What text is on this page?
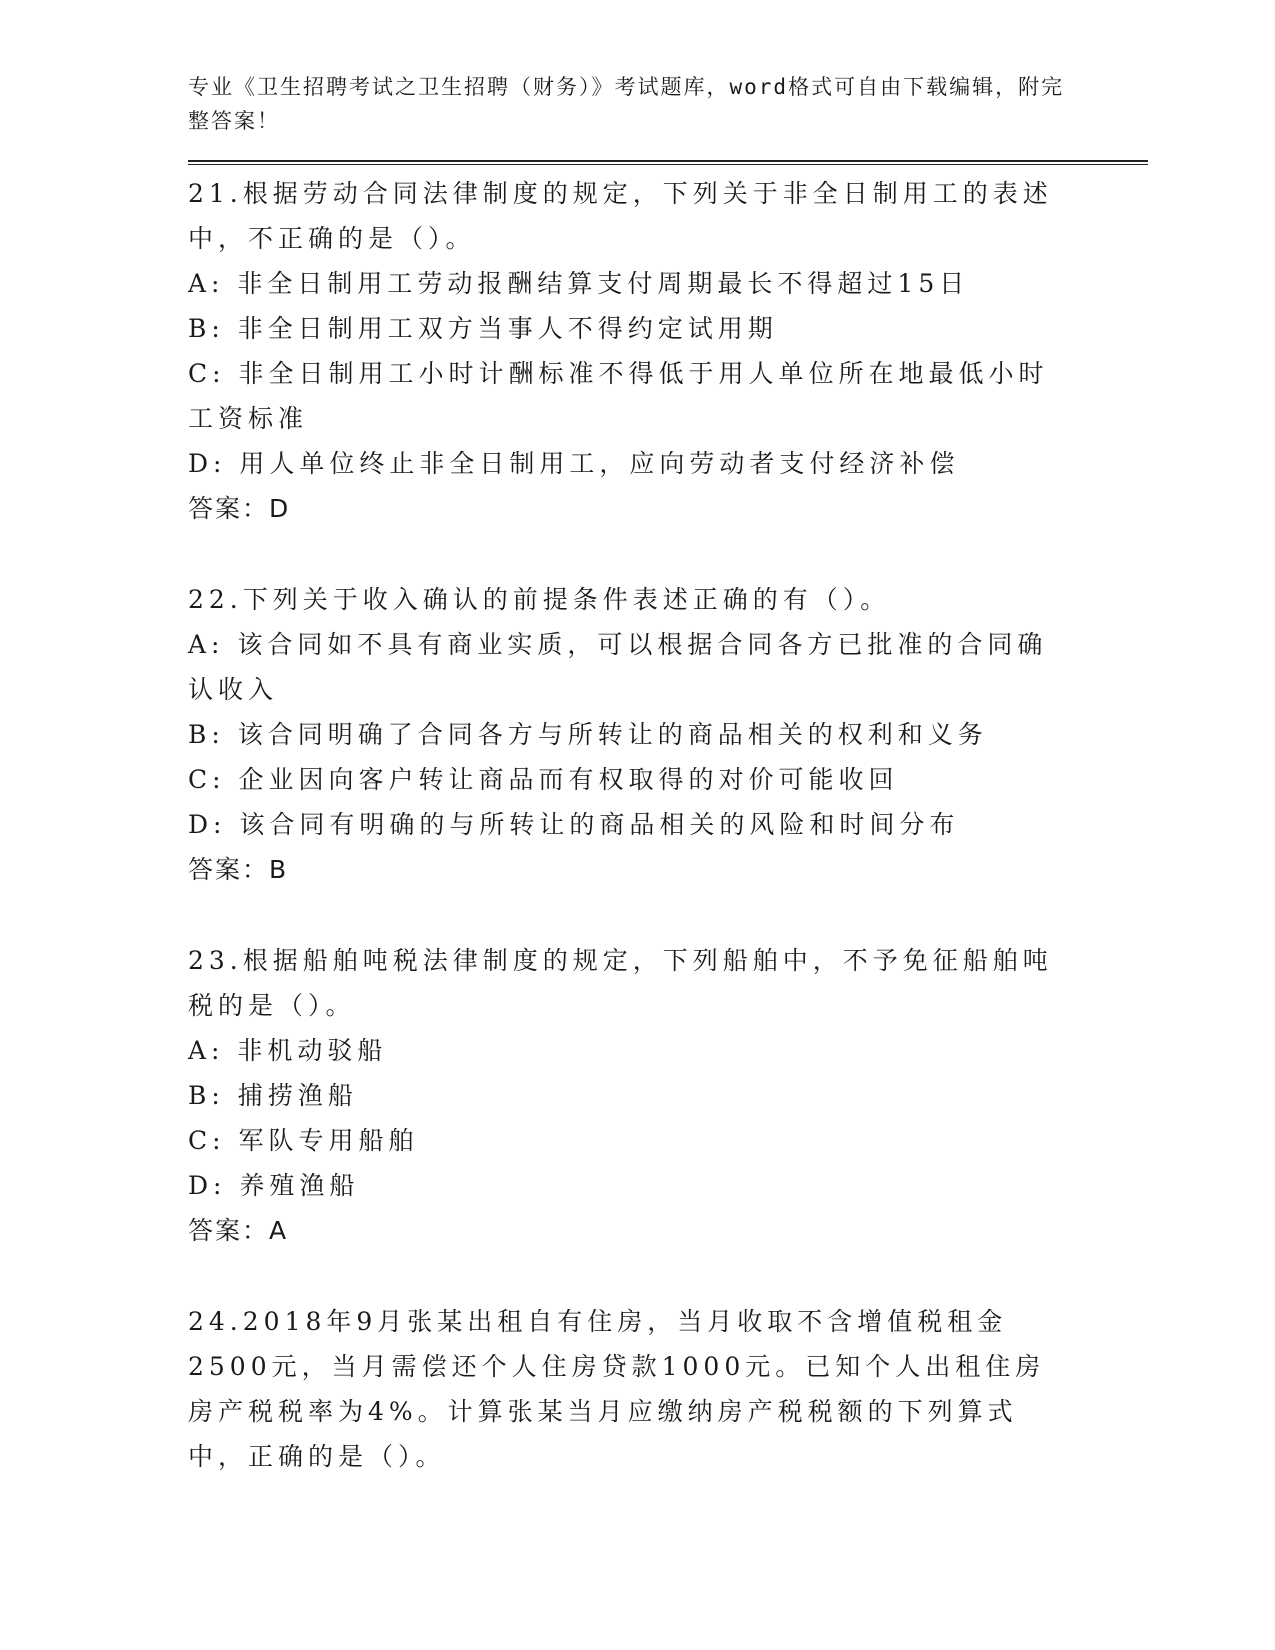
专业《卫生招聘考试之卫生招聘（财务）》考试题库，word格式可自由下载编辑，附完整答案！
21.根据劳动合同法律制度的规定，下列关于非全日制用工的表述中，不正确的是（）。
A: 非全日制用工劳动报酬结算支付周期最长不得超过15日
B: 非全日制用工双方当事人不得约定试用期
C: 非全日制用工小时计酬标准不得低于用人单位所在地最低小时工资标准
D: 用人单位终止非全日制用工，应向劳动者支付经济补偿
答案：D
22.下列关于收入确认的前提条件表述正确的有（）。
A: 该合同如不具有商业实质，可以根据合同各方已批准的合同确认收入
B: 该合同明确了合同各方与所转让的商品相关的权利和义务
C: 企业因向客户转让商品而有权取得的对价可能收回
D: 该合同有明确的与所转让的商品相关的风险和时间分布
答案：B
23.根据船舶吨税法律制度的规定，下列船舶中，不予免征船舶吨税的是（）。
A: 非机动驳船
B: 捕捞渔船
C: 军队专用船舶
D: 养殖渔船
答案：A
24.2018年9月张某出租自有住房，当月收取不含增值税租金2500元，当月需偿还个人住房贷款1000元。已知个人出租住房房产税税率为4%。计算张某当月应缴纳房产税税额的下列算式中，正确的是（）。
